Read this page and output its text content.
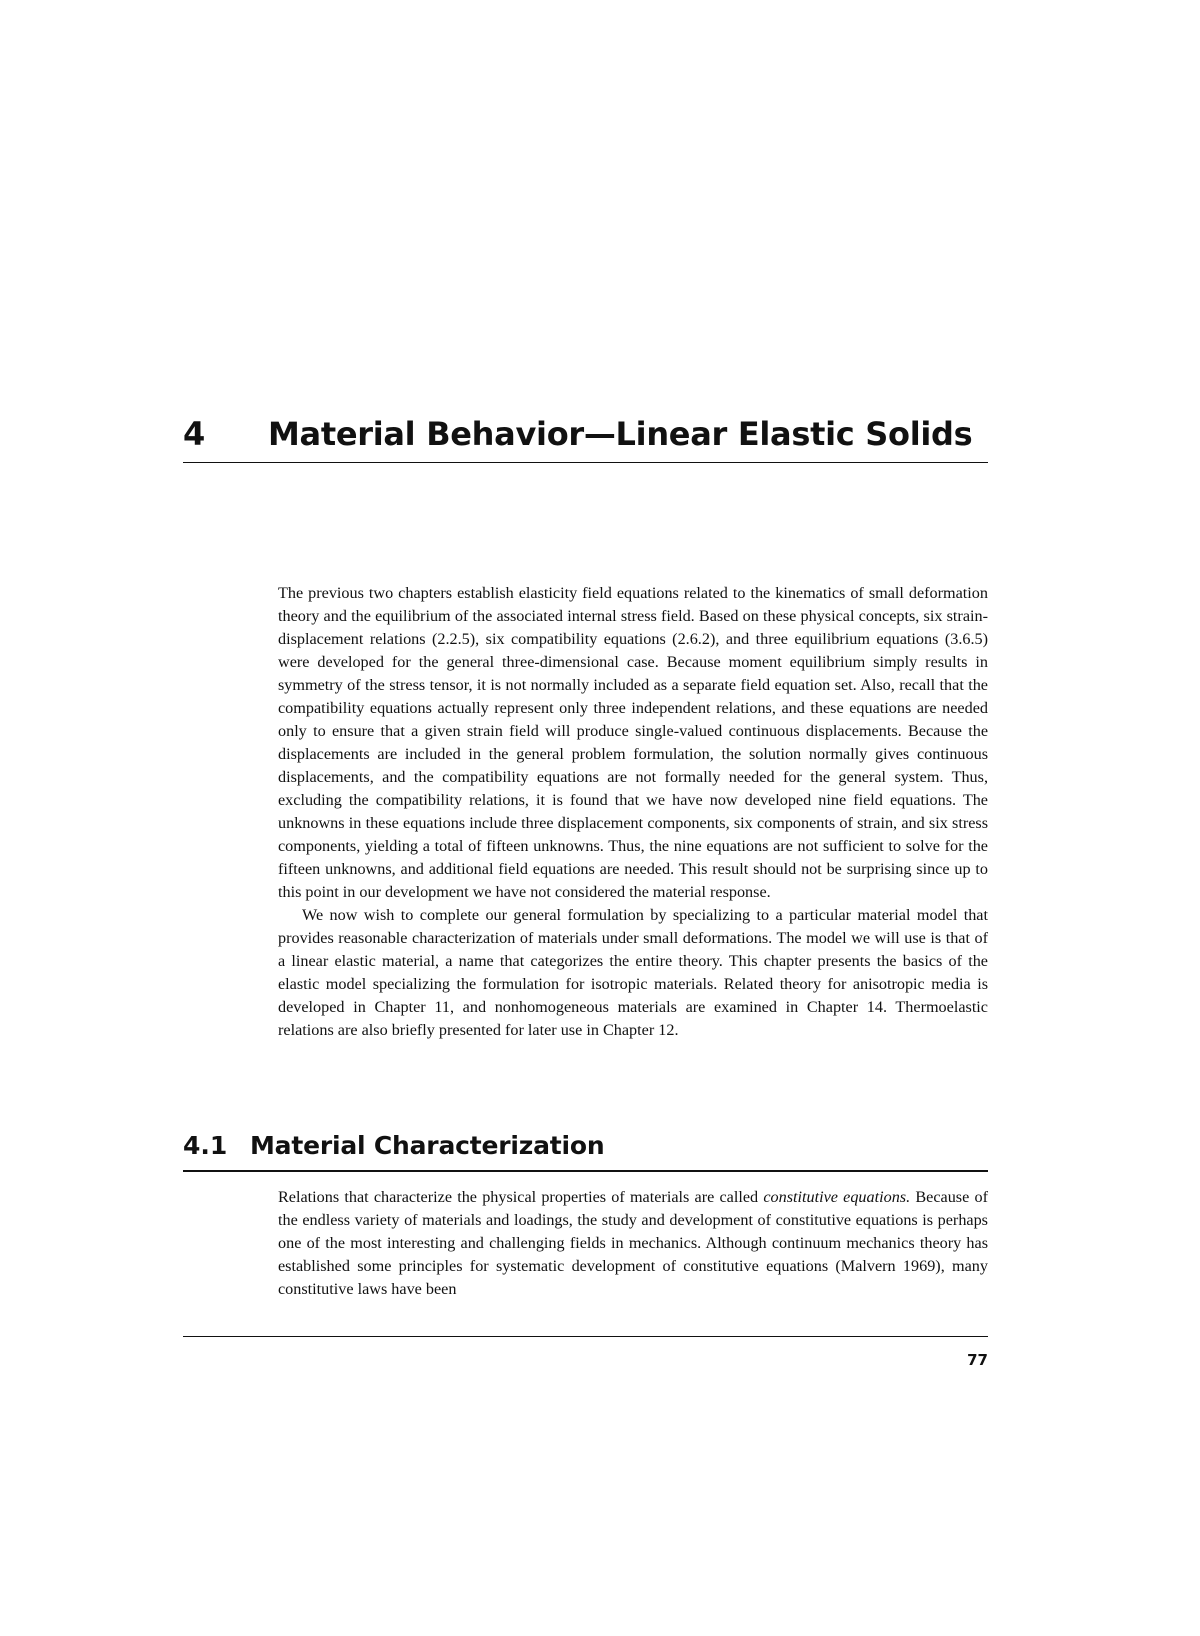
4 Material Behavior—Linear Elastic Solids

The previous two chapters establish elasticity field equations related to the kinematics of small deformation theory and the equilibrium of the associated internal stress field. Based on these physical concepts, six strain-displacement relations (2.2.5), six compatibility equations (2.6.2), and three equilibrium equations (3.6.5) were developed for the general three-dimensional case. Because moment equilibrium simply results in symmetry of the stress tensor, it is not normally included as a separate field equation set. Also, recall that the compatibility equations actually represent only three independent relations, and these equations are needed only to ensure that a given strain field will produce single-valued continuous displacements. Because the displacements are included in the general problem formulation, the solution normally gives continuous displacements, and the compatibility equations are not formally needed for the general system. Thus, excluding the compatibility relations, it is found that we have now developed nine field equations. The unknowns in these equations include three displacement components, six components of strain, and six stress components, yielding a total of fifteen unknowns. Thus, the nine equations are not sufficient to solve for the fifteen unknowns, and additional field equations are needed. This result should not be surprising since up to this point in our development we have not considered the material response.

We now wish to complete our general formulation by specializing to a particular material model that provides reasonable characterization of materials under small deformations. The model we will use is that of a linear elastic material, a name that categorizes the entire theory. This chapter presents the basics of the elastic model specializing the formulation for isotropic materials. Related theory for anisotropic media is developed in Chapter 11, and nonhomogeneous materials are examined in Chapter 14. Thermoelastic relations are also briefly presented for later use in Chapter 12.

4.1 Material Characterization

Relations that characterize the physical properties of materials are called constitutive equations. Because of the endless variety of materials and loadings, the study and development of constitutive equations is perhaps one of the most interesting and challenging fields in mechanics. Although continuum mechanics theory has established some principles for systematic development of constitutive equations (Malvern 1969), many constitutive laws have been

77
